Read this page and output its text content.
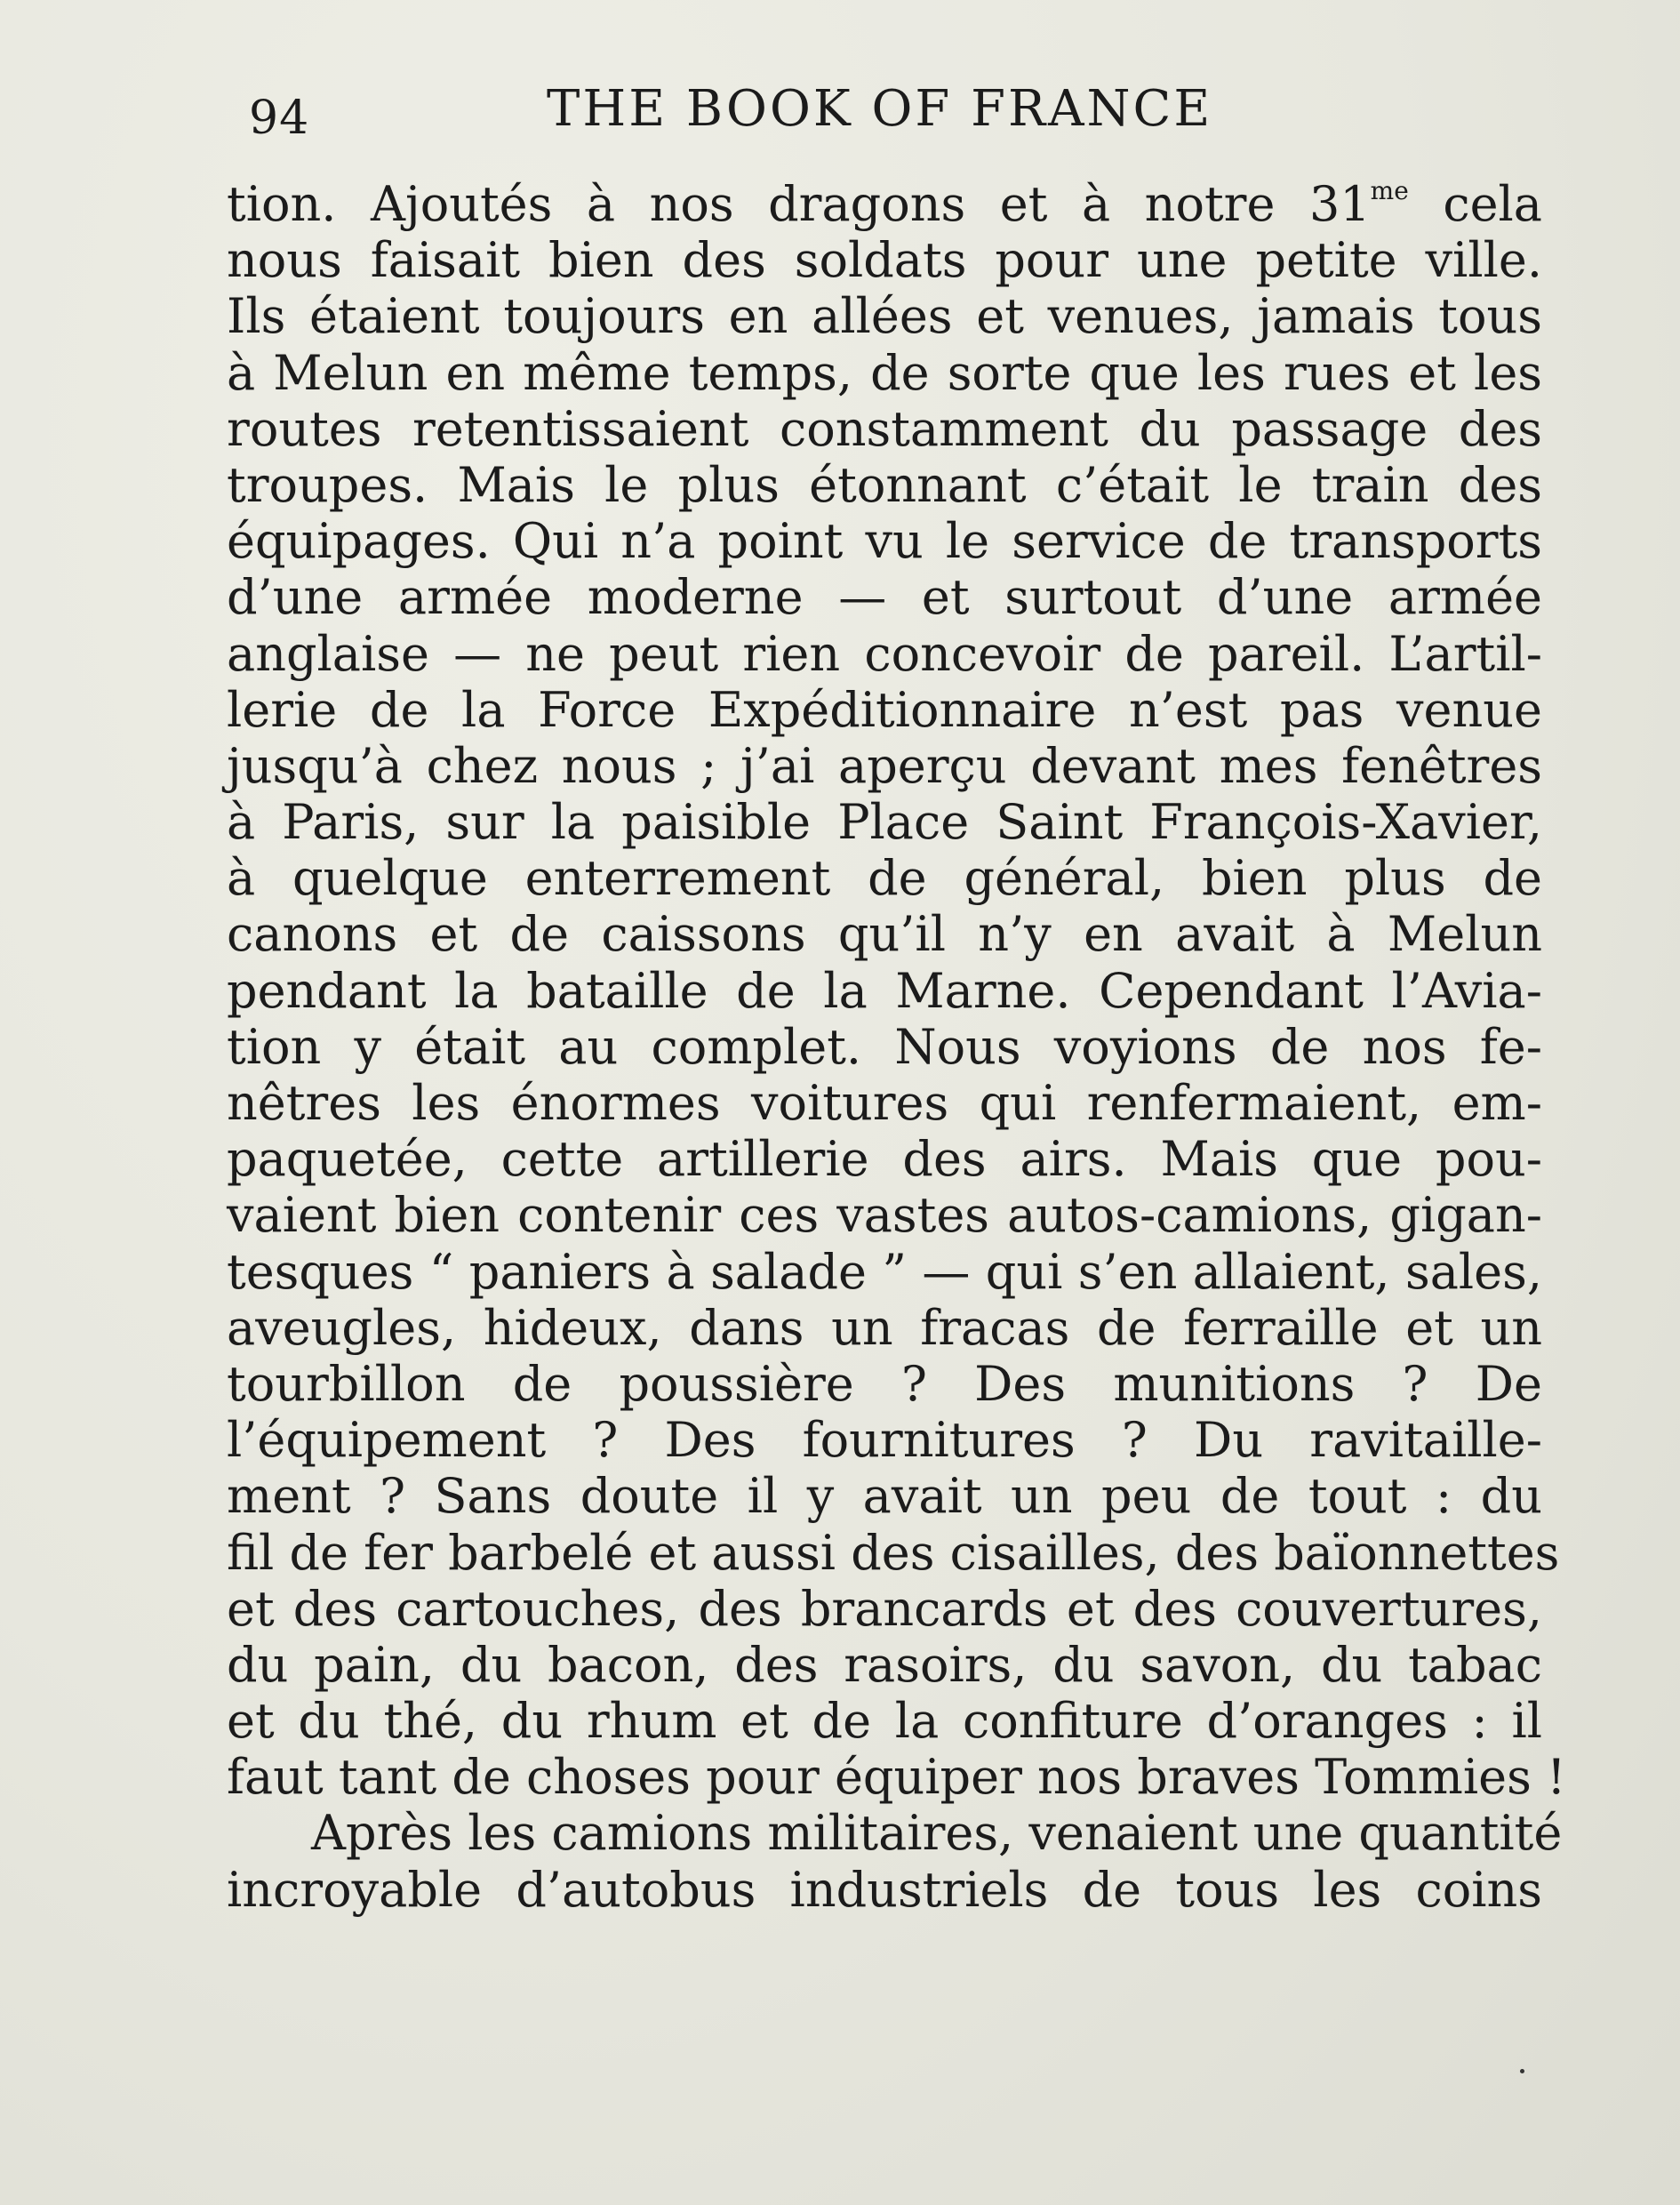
94	THE BOOK OF FRANCE
tion. Ajoutés à nos dragons et à notre $31^{me}$ cela
nous faisait bien des soldats pour une petite ville.
Ils étaient toujours en allées et venues, jamais tous
à Melun en même temps, de sorte que les rues et les
routes retentissaient constamment du passage des
troupes. Mais le plus étonnant c’était le train des
équipages. Qui n’a point vu le service de transports
d’une armée moderne — et surtout d’une armée
anglaise — ne peut rien concevoir de pareil. L’artil-
lerie de la Force Expéditionnaire n’est pas venue
jusqu’à chez nous ; j’ai aperçu devant mes fenêtres
à Paris, sur la paisible Place Saint François-Xavier,
à quelque enterrement de général, bien plus de
canons et de caissons qu’il n’y en avait à Melun
pendant la bataille de la Marne. Cependant l’Avia-
tion y était au complet. Nous voyions de nos fe-
nêtres les énormes voitures qui renfermaient, em-
paquetée, cette artillerie des airs. Mais que pou-
vaient bien contenir ces vastes autos-camions, gigan-
tesques “ paniers à salade ” — qui s’en allaient, sales,
aveugles, hideux, dans un fracas de ferraille et un
tourbillon de poussière ? Des munitions ? De
l’équipement ? Des fournitures ? Du ravitaille-
ment ? Sans doute il y avait un peu de tout : du
fil de fer barbelé et aussi des cisailles, des baïonnettes
et des cartouches, des brancards et des couvertures,
du pain, du bacon, des rasoirs, du savon, du tabac
et du thé, du rhum et de la confiture d’oranges : il
faut tant de choses pour équiper nos braves Tommies !
Après les camions militaires, venaient une quantité
incroyable d’autobus industriels de tous les coins
